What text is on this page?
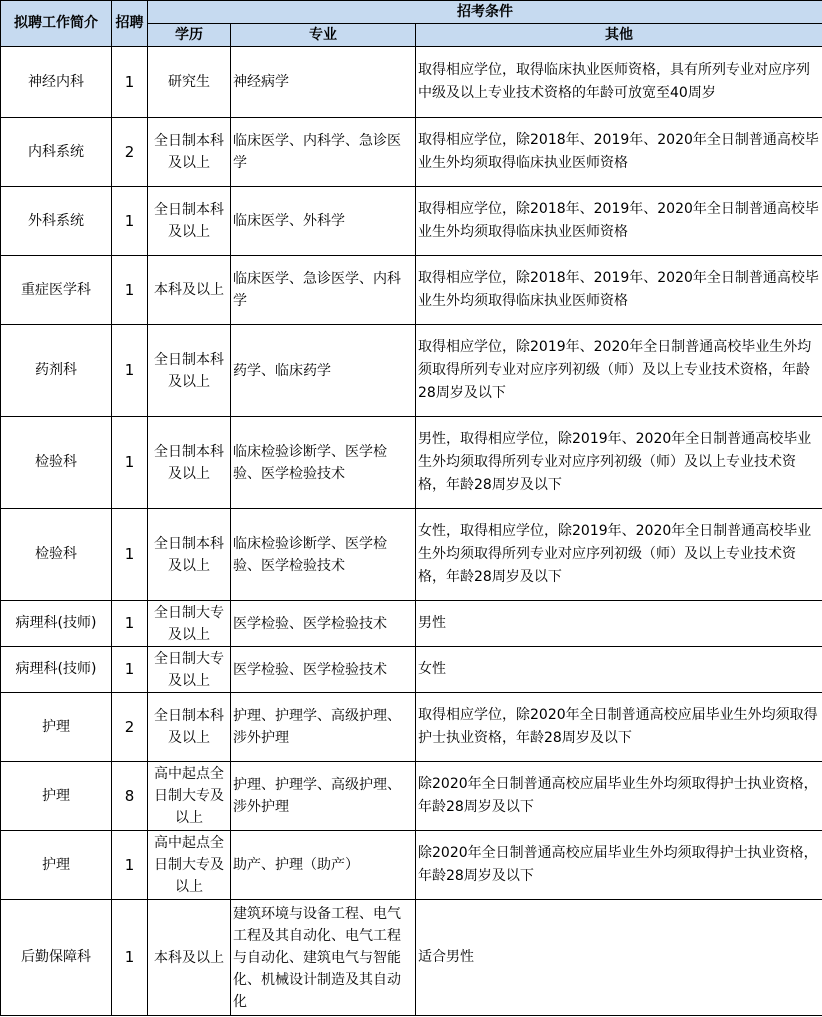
拟聘工作简介	招聘	招考条件		
		学历	专业	其他
神经内科	1	研究生	神经病学	取得相应学位，取得临床执业医师资格，具有所列专业对应序列中级及以上专业技术资格的年龄可放宽至40周岁
内科系统	2	全日制本科及以上	临床医学、内科学、急诊医学	取得相应学位，除2018年、2019年、2020年全日制普通高校毕业生外均须取得临床执业医师资格
外科系统	1	全日制本科及以上	临床医学、外科学	取得相应学位，除2018年、2019年、2020年全日制普通高校毕业生外均须取得临床执业医师资格
重症医学科	1	本科及以上	临床医学、急诊医学、内科学	取得相应学位，除2018年、2019年、2020年全日制普通高校毕业生外均须取得临床执业医师资格
药剂科	1	全日制本科及以上	药学、临床药学	取得相应学位，除2019年、2020年全日制普通高校毕业生外均须取得所列专业对应序列初级（师）及以上专业技术资格，年龄28周岁及以下
检验科	1	全日制本科及以上	临床检验诊断学、医学检验、医学检验技术	男性，取得相应学位，除2019年、2020年全日制普通高校毕业生外均须取得所列专业对应序列初级（师）及以上专业技术资格，年龄28周岁及以下
检验科	1	全日制本科及以上	临床检验诊断学、医学检验、医学检验技术	女性，取得相应学位，除2019年、2020年全日制普通高校毕业生外均须取得所列专业对应序列初级（师）及以上专业技术资格，年龄28周岁及以下
病理科(技师)	1	全日制大专及以上	医学检验、医学检验技术	男性
病理科(技师)	1	全日制大专及以上	医学检验、医学检验技术	女性
护理	2	全日制本科及以上	护理、护理学、高级护理、涉外护理	取得相应学位，除2020年全日制普通高校应届毕业生外均须取得护士执业资格，年龄28周岁及以下
护理	8	高中起点全日制大专及以上	护理、护理学、高级护理、涉外护理	除2020年全日制普通高校应届毕业生外均须取得护士执业资格，年龄28周岁及以下
护理	1	高中起点全日制大专及以上	助产、护理（助产）	除2020年全日制普通高校应届毕业生外均须取得护士执业资格，年龄28周岁及以下
后勤保障科	1	本科及以上	建筑环境与设备工程、电气工程及其自动化、电气工程与自动化、建筑电气与智能化、机械设计制造及其自动化	适合男性
